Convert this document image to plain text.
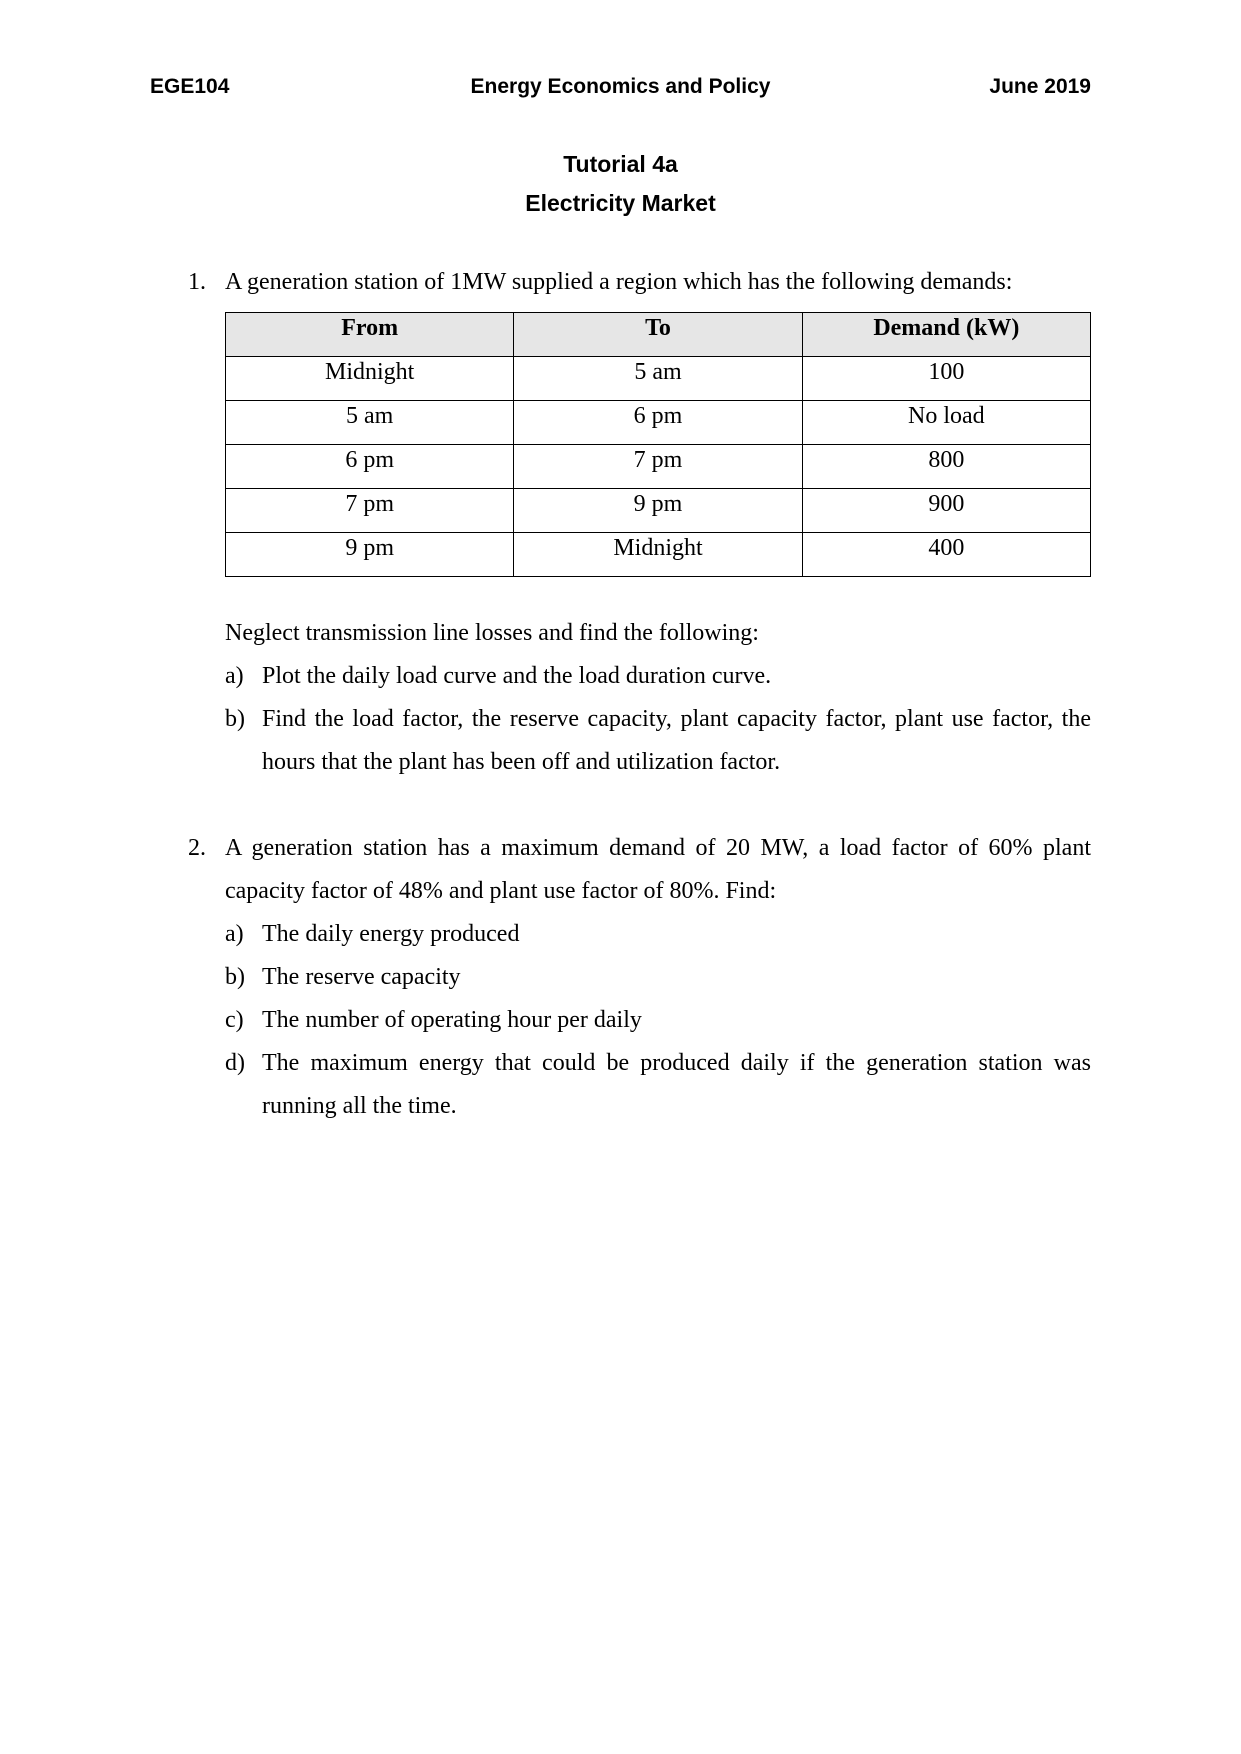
EGE104	Energy Economics and Policy	June 2019
Tutorial 4a
Electricity Market
1. A generation station of 1MW supplied a region which has the following demands:
From	To	Demand (kW)
Midnight	5 am	100
5 am	6 pm	No load
6 pm	7 pm	800
7 pm	9 pm	900
9 pm	Midnight	400
Neglect transmission line losses and find the following:
a) Plot the daily load curve and the load duration curve.
b) Find the load factor, the reserve capacity, plant capacity factor, plant use factor, the hours that the plant has been off and utilization factor.
2. A generation station has a maximum demand of 20 MW, a load factor of 60% plant capacity factor of 48% and plant use factor of 80%. Find:
a) The daily energy produced
b) The reserve capacity
c) The number of operating hour per daily
d) The maximum energy that could be produced daily if the generation station was running all the time.
